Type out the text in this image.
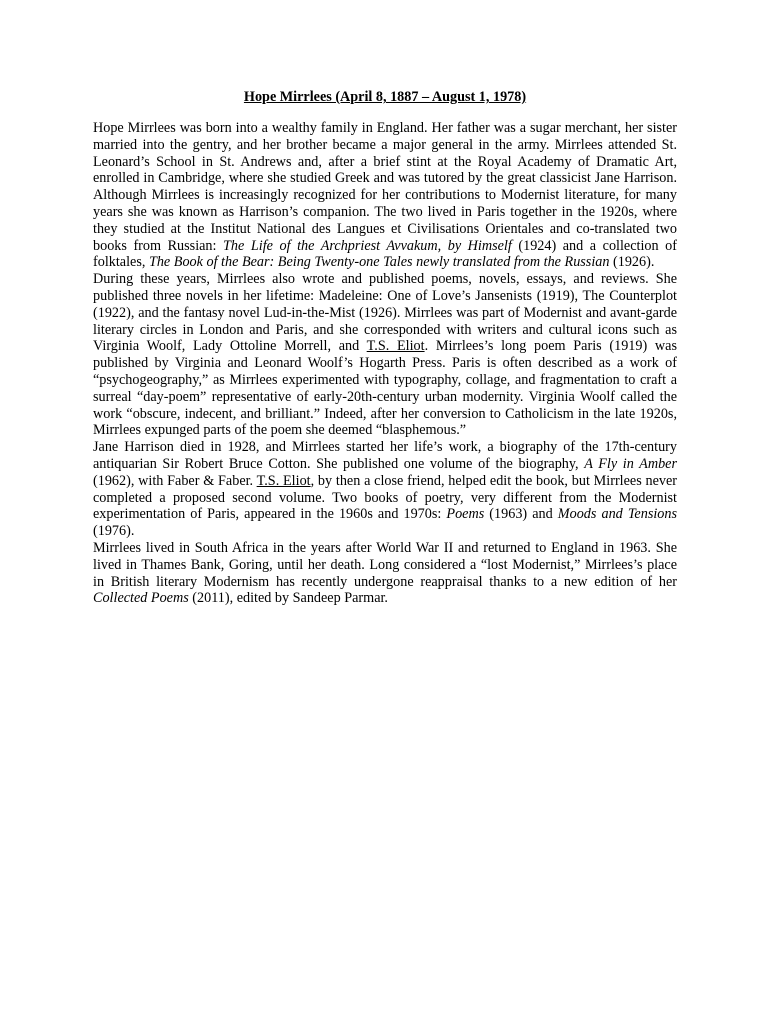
Hope Mirrlees (April 8, 1887 – August 1, 1978)

Hope Mirrlees was born into a wealthy family in England. Her father was a sugar merchant, her sister married into the gentry, and her brother became a major general in the army. Mirrlees attended St. Leonard’s School in St. Andrews and, after a brief stint at the Royal Academy of Dramatic Art, enrolled in Cambridge, where she studied Greek and was tutored by the great classicist Jane Harrison. Although Mirrlees is increasingly recognized for her contributions to Modernist literature, for many years she was known as Harrison’s companion. The two lived in Paris together in the 1920s, where they studied at the Institut National des Langues et Civilisations Orientales and co-translated two books from Russian: The Life of the Archpriest Avvakum, by Himself (1924) and a collection of folktales, The Book of the Bear: Being Twenty-one Tales newly translated from the Russian (1926).

During these years, Mirrlees also wrote and published poems, novels, essays, and reviews. She published three novels in her lifetime: Madeleine: One of Love’s Jansenists (1919), The Counterplot (1922), and the fantasy novel Lud-in-the-Mist (1926). Mirrlees was part of Modernist and avant-garde literary circles in London and Paris, and she corresponded with writers and cultural icons such as Virginia Woolf, Lady Ottoline Morrell, and T.S. Eliot. Mirrlees’s long poem Paris (1919) was published by Virginia and Leonard Woolf’s Hogarth Press. Paris is often described as a work of “psychogeography,” as Mirrlees experimented with typography, collage, and fragmentation to craft a surreal “day-poem” representative of early-20th-century urban modernity. Virginia Woolf called the work “obscure, indecent, and brilliant.” Indeed, after her conversion to Catholicism in the late 1920s, Mirrlees expunged parts of the poem she deemed “blasphemous.”

Jane Harrison died in 1928, and Mirrlees started her life’s work, a biography of the 17th-century antiquarian Sir Robert Bruce Cotton. She published one volume of the biography, A Fly in Amber (1962), with Faber & Faber. T.S. Eliot, by then a close friend, helped edit the book, but Mirrlees never completed a proposed second volume. Two books of poetry, very different from the Modernist experimentation of Paris, appeared in the 1960s and 1970s: Poems (1963) and Moods and Tensions (1976).

Mirrlees lived in South Africa in the years after World War II and returned to England in 1963. She lived in Thames Bank, Goring, until her death. Long considered a “lost Modernist,” Mirrlees’s place in British literary Modernism has recently undergone reappraisal thanks to a new edition of her Collected Poems (2011), edited by Sandeep Parmar.
